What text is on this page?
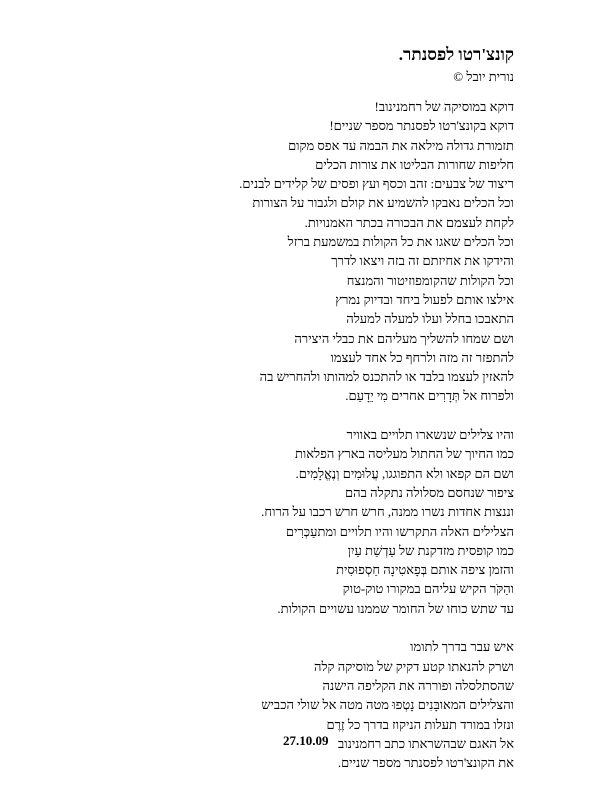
קונצ'רטו לפסנתר.
נורית יובל ©
דוקא במוסיקה של רחמנינוב!
דוקא בקונצ'רטו לפסנתר מספר שניים!
תזמורת גדולה מילאה את הבמה עד אפס מקום
חליפות שחורות הבליטו את צורות הכלים
ריצוד של צבעים: זהב וכסף ועץ ופסים של קלידים לבנים.
וכל הכלים נאבקו להשמיע את קולם ולגבור על הצורות
לקחת לעצמם את הבכורה בכתר האמנויות.
וכל הכלים שאגו את כל הקולות במשמעת ברזל
והידקו את אחיזתם זה בזה ויצאו לדרך
וכל הקולות שהקומפוזיטור והמנצח
אילצו אותם לפעול ביחד ובדיוק נמרץ
התאבכו בחלל ועלו למעלה למעלה
ושם שמחו להשליך מעליהם את כבלי היצירה
להתפזר זה מזה ולרחף כל אחד לעצמו
להאזין לעצמו בלבד או להתכנס למהותו ולהחריש בה
ולפרוח אל תְּדָרִים אחרים מִי יֵדָעַם.
והיו צלילים שנשארו תלויים באוויר
כמו החיוך של החתול מעליסה בארץ הפלאות
ושם הם קפאו ולא התפוגגו, עֲלוּמִים וְנֶאֱלָמִים.
ציפור שנחסם מסלולה נתקלה בהם
וננצות אחדות נשרו ממנה, חרש חרש רכבו על הרוח.
הצלילים האלה התקרשו והיו תלויים ומתעַכְּרִים
כמו קופסית מזדקנת של עַדְשַׁת עַיִן
והזמן ציפה אותם בְּפָאטִינָה חַסְפוּסִית
והַקֹּר הקיש עליהם במקורו טוק-טוק
עד שתש כוחו של החומר שממנו עשויים הקולות.
איש עבר בדרך לתומו
ושרק להנאתו קטע דקיק של מוסיקה קלה
שהסתלסלה ופוררה את הקליפה הישנה
והצלילים המאובָּנִים נָטְפוּ מטה מטה אל שולי הכביש
ונזלו במורד תעלות הניקוז בדרך כל זֶרֶם
אל האגם שבהשראתו כתב רחמנינוב
את הקונצ'רטו לפסנתר מספר שניים.
27.10.09
